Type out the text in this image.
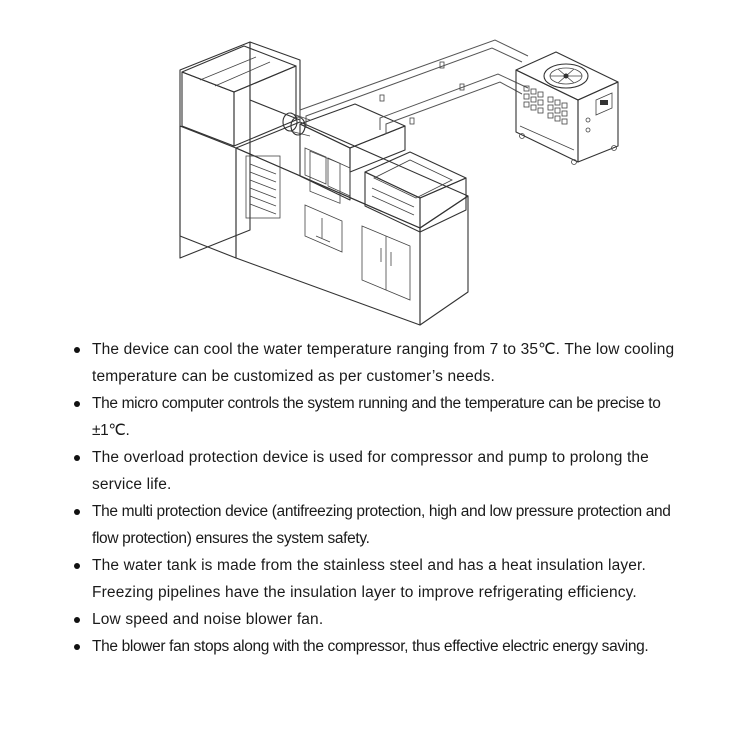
The device can cool the water temperature ranging from 7 to 35℃. The low cooling temperature can be customized as per customer’s needs.
The micro computer controls the system running and the temperature can be precise to ±1℃.
The overload protection device is used for compressor and pump to prolong the service life.
The multi protection device (antifreezing protection, high and low pressure protection and flow protection) ensures the system safety.
The water tank is made from the stainless steel and has a heat insulation layer. Freezing pipelines have the insulation layer to improve refrigerating efficiency.
Low speed and noise blower fan.
The blower fan stops along with the compressor, thus effective electric energy saving.
